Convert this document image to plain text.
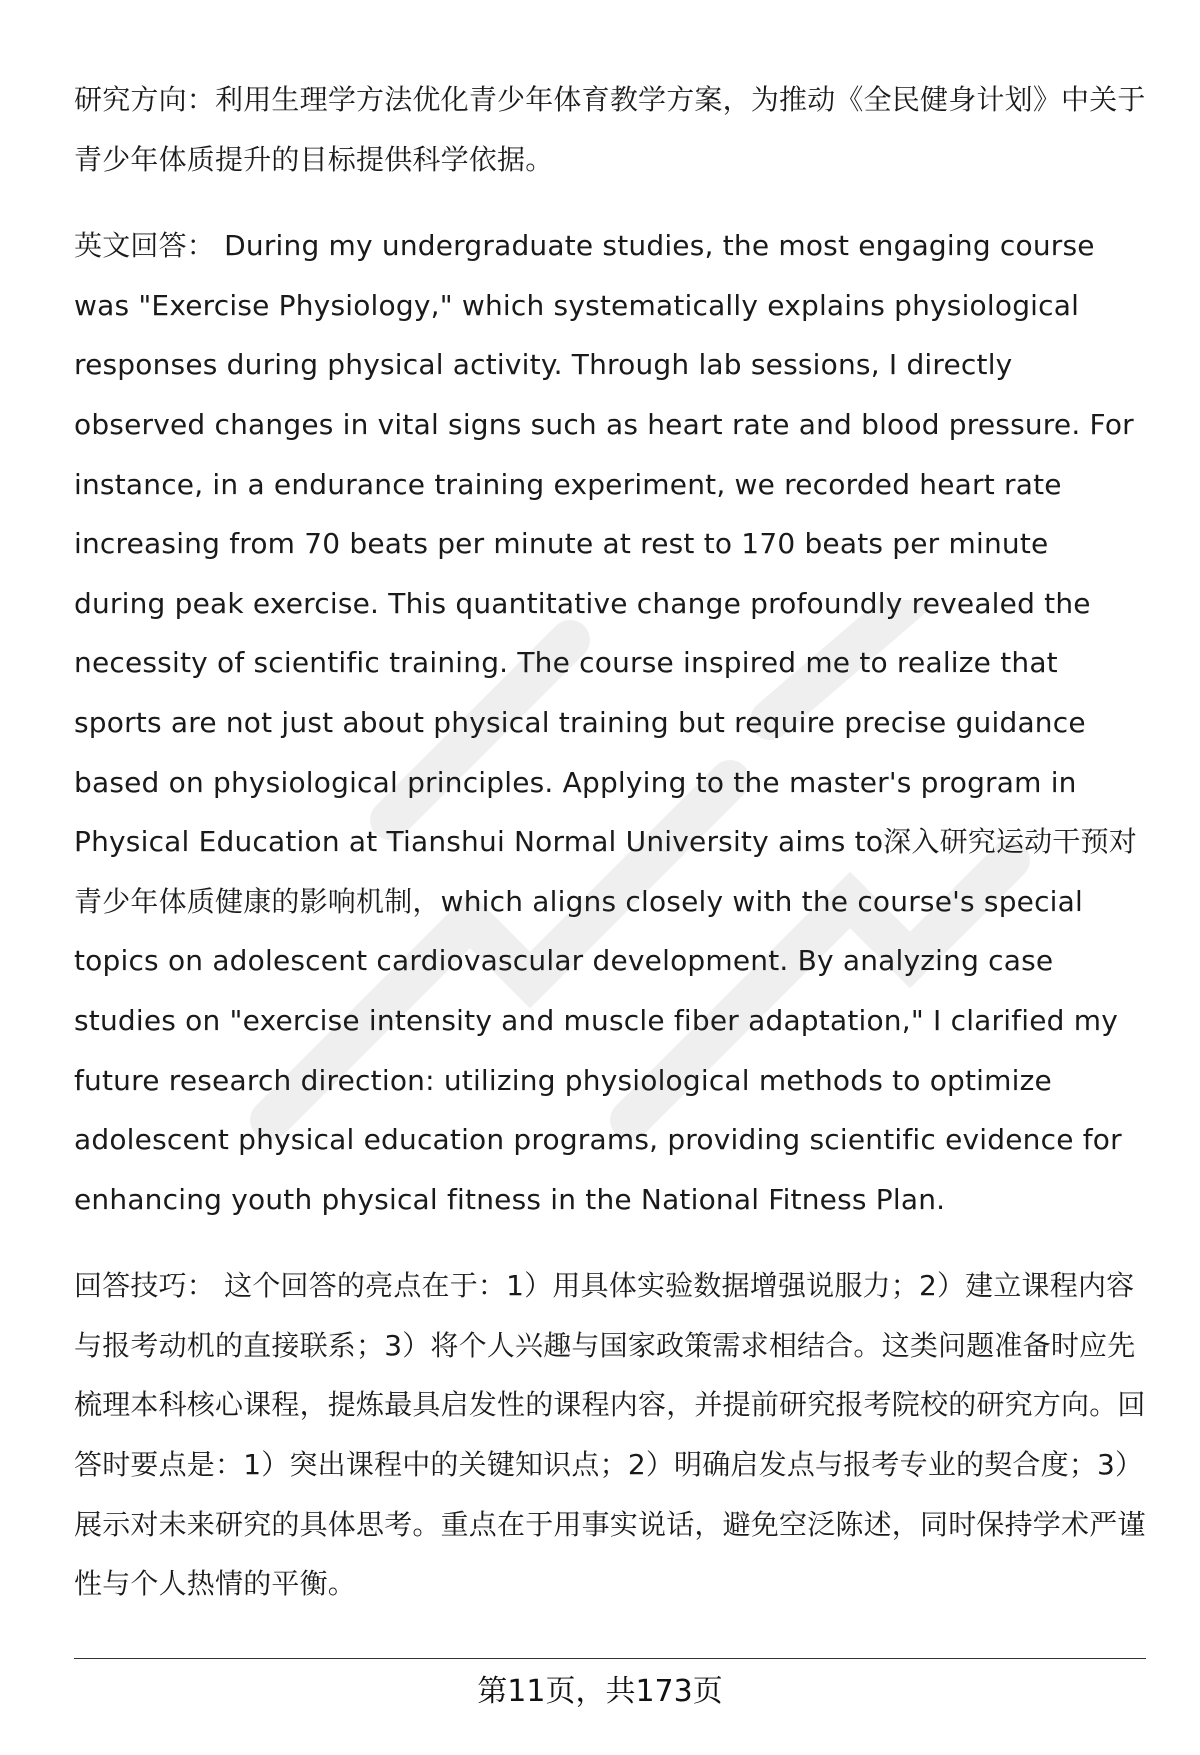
研究方向：利用生理学方法优化青少年体育教学方案，为推动《全民健身计划》中关于青少年体质提升的目标提供科学依据。

英文回答： During my undergraduate studies, the most engaging course was "Exercise Physiology," which systematically explains physiological responses during physical activity. Through lab sessions, I directly observed changes in vital signs such as heart rate and blood pressure. For instance, in a endurance training experiment, we recorded heart rate increasing from 70 beats per minute at rest to 170 beats per minute during peak exercise. This quantitative change profoundly revealed the necessity of scientific training. The course inspired me to realize that sports are not just about physical training but require precise guidance based on physiological principles. Applying to the master's program in Physical Education at Tianshui Normal University aims to深入研究运动干预对青少年体质健康的影响机制，which aligns closely with the course's special topics on adolescent cardiovascular development. By analyzing case studies on "exercise intensity and muscle fiber adaptation," I clarified my future research direction: utilizing physiological methods to optimize adolescent physical education programs, providing scientific evidence for enhancing youth physical fitness in the National Fitness Plan.

回答技巧： 这个回答的亮点在于：1）用具体实验数据增强说服力；2）建立课程内容与报考动机的直接联系；3）将个人兴趣与国家政策需求相结合。这类问题准备时应先梳理本科核心课程，提炼最具启发性的课程内容，并提前研究报考院校的研究方向。回答时要点是：1）突出课程中的关键知识点；2）明确启发点与报考专业的契合度；3）展示对未来研究的具体思考。重点在于用事实说话，避免空泛陈述，同时保持学术严谨性与个人热情的平衡。

第11页，共173页
